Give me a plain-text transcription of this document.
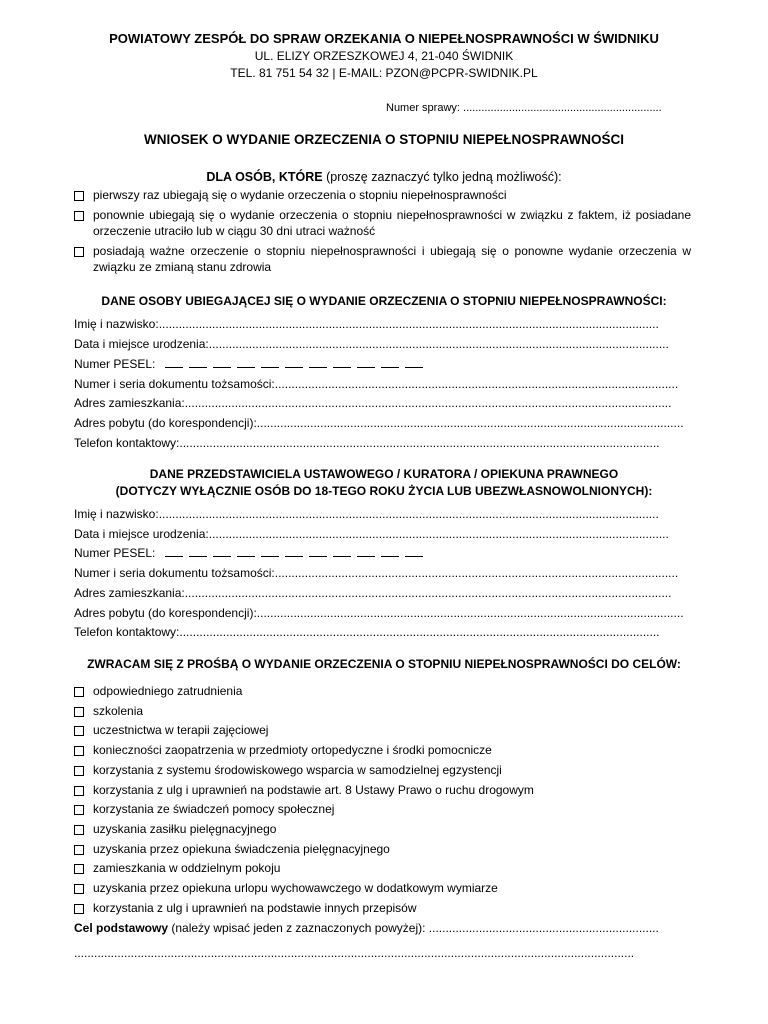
POWIATOWY ZESPÓŁ DO SPRAW ORZEKANIA O NIEPEŁNOSPRAWNOŚCI W ŚWIDNIKU
UL. ELIZY ORZESZKOWEJ 4, 21-040 ŚWIDNIK
TEL. 81 751 54 32 | E-MAIL: PZON@PCPR-SWIDNIK.PL
Numer sprawy: .................................................................
WNIOSEK O WYDANIE ORZECZENIA O STOPNIU NIEPEŁNOSPRAWNOŚCI
DLA OSÓB, KTÓRE (proszę zaznaczyć tylko jedną możliwość):
pierwszy raz ubiegają się o wydanie orzeczenia o stopniu niepełnosprawności
ponownie ubiegają się o wydanie orzeczenia o stopniu niepełnosprawności w związku z faktem, iż posiadane orzeczenie utraciło lub w ciągu 30 dni utraci ważność
posiadają ważne orzeczenie o stopniu niepełnosprawności i ubiegają się o ponowne wydanie orzeczenia w związku ze zmianą stanu zdrowia
DANE OSOBY UBIEGAJĄCEJ SIĘ O WYDANIE ORZECZENIA O STOPNIU NIEPEŁNOSPRAWNOŚCI:
Imię i nazwisko:......................................................................................................................................................
Data i miejsce urodzenia:..........................................................................................................................................
Numer PESEL:
Numer i seria dokumentu tożsamości:.........................................................................................................................
Adres zamieszkania:..................................................................................................................................................
Adres pobytu (do korespondencji):................................................................................................................................
Telefon kontaktowy:................................................................................................................................................
DANE PRZEDSTAWICIELA USTAWOWEGO / KURATORA / OPIEKUNA PRAWNEGO
(DOTYCZY WYŁĄCZNIE OSÓB DO 18-TEGO ROKU ŻYCIA LUB UBEZWŁASNOWOLNIONYCH):
Imię i nazwisko:......................................................................................................................................................
Data i miejsce urodzenia:..........................................................................................................................................
Numer PESEL:
Numer i seria dokumentu tożsamości:.........................................................................................................................
Adres zamieszkania:..................................................................................................................................................
Adres pobytu (do korespondencji):................................................................................................................................
Telefon kontaktowy:................................................................................................................................................
ZWRACAM SIĘ Z PROŚBĄ O WYDANIE ORZECZENIA O STOPNIU NIEPEŁNOSPRAWNOŚCI DO CELÓW:
odpowiedniego zatrudnienia
szkolenia
uczestnictwa w terapii zajęciowej
konieczności zaopatrzenia w przedmioty ortopedyczne i środki pomocnicze
korzystania z systemu środowiskowego wsparcia w samodzielnej egzystencji
korzystania z ulg i uprawnień na podstawie art. 8 Ustawy Prawo o ruchu drogowym
korzystania ze świadczeń pomocy społecznej
uzyskania zasiłku pielęgnacyjnego
uzyskania przez opiekuna świadczenia pielęgnacyjnego
zamieszkania w oddzielnym pokoju
uzyskania przez opiekuna urlopu wychowawczego w dodatkowym wymiarze
korzystania z ulg i uprawnień na podstawie innych przepisów
Cel podstawowy (należy wpisać jeden z zaznaczonych powyżej): .....................................................................
........................................................................................................................................................................
